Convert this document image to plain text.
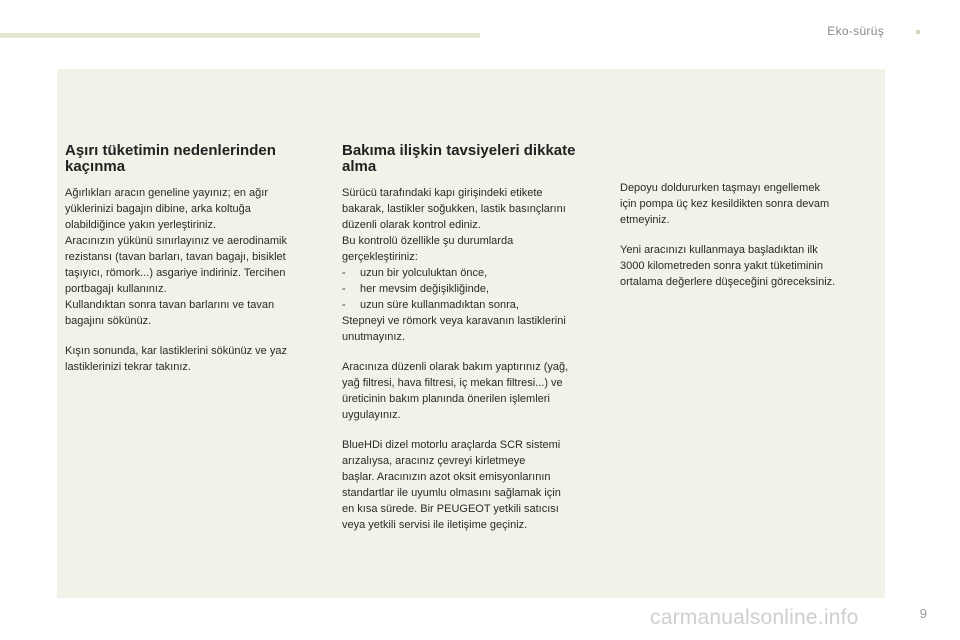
Eko-sürüş
Aşırı tüketimin nedenlerinden kaçınma

Ağırlıkları aracın geneline yayınız; en ağır
yüklerinizi bagajın dibine, arka koltuğa
olabildiğince yakın yerleştiriniz.
Aracınızın yükünü sınırlayınız ve aerodinamik
rezistansı (tavan barları, tavan bagajı, bisiklet
taşıyıcı, römork...) asgariye indiriniz. Tercihen
portbagajı kullanınız.
Kullandıktan sonra tavan barlarını ve tavan
bagajını sökünüz.

Kışın sonunda, kar lastiklerini sökünüz ve yaz
lastiklerinizi tekrar takınız.

Bakıma ilişkin tavsiyeleri dikkate alma

Sürücü tarafındaki kapı girişindeki etikete
bakarak, lastikler soğukken, lastik basınçlarını
düzenli olarak kontrol ediniz.
Bu kontrolü özellikle şu durumlarda
gerçekleştiriniz:
- uzun bir yolculuktan önce,
- her mevsim değişikliğinde,
- uzun süre kullanmadıktan sonra,
Stepneyi ve römork veya karavanın lastiklerini
unutmayınız.

Aracınıza düzenli olarak bakım yaptırınız (yağ,
yağ filtresi, hava filtresi, iç mekan filtresi...) ve
üreticinin bakım planında önerilen işlemleri
uygulayınız.

BlueHDi dizel motorlu araçlarda SCR sistemi
arızalıysa, aracınız çevreyi kirletmeye
başlar. Aracınızın azot oksit emisyonlarının
standartlar ile uyumlu olmasını sağlamak için
en kısa sürede. Bir PEUGEOT yetkili satıcısı
veya yetkili servisi ile iletişime geçiniz.

Depoyu doldururken taşmayı engellemek
için pompa üç kez kesildikten sonra devam
etmeyiniz.

Yeni aracınızı kullanmaya başladıktan ilk
3000 kilometreden sonra yakıt tüketiminin
ortalama değerlere düşeceğini göreceksiniz.

carmanualsonline.info	9
